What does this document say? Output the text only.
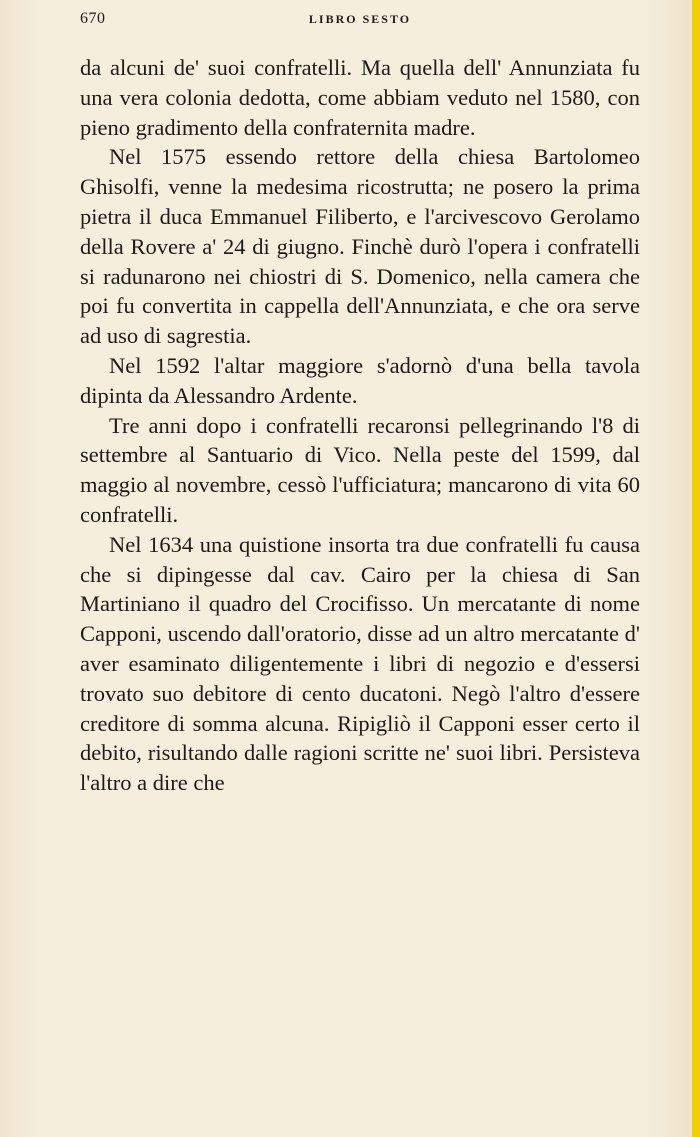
670	LIBRO SESTO

da alcuni de' suoi confratelli. Ma quella dell' Annunziata fu una vera colonia dedotta, come abbiam veduto nel 1580, con pieno gradimento della confraternita madre.

Nel 1575 essendo rettore della chiesa Bartolomeo Ghisolfi, venne la medesima ricostrutta; ne posero la prima pietra il duca Emmanuel Filiberto, e l'arcivescovo Gerolamo della Rovere a' 24 di giugno. Finchè durò l'opera i confratelli si radunarono nei chiostri di S. Domenico, nella camera che poi fu convertita in cappella dell'Annunziata, e che ora serve ad uso di sagrestia.

Nel 1592 l'altar maggiore s'adornò d'una bella tavola dipinta da Alessandro Ardente.

Tre anni dopo i confratelli recaronsi pellegrinando l'8 di settembre al Santuario di Vico. Nella peste del 1599, dal maggio al novembre, cessò l'ufficiatura; mancarono di vita 60 confratelli.

Nel 1634 una quistione insorta tra due confratelli fu causa che si dipingesse dal cav. Cairo per la chiesa di San Martiniano il quadro del Crocifisso. Un mercatante di nome Capponi, uscendo dall'oratorio, disse ad un altro mercatante d' aver esaminato diligentemente i libri di negozio e d'essersi trovato suo debitore di cento ducatoni. Negò l'altro d'essere creditore di somma alcuna. Ripigliò il Capponi esser certo il debito, risultando dalle ragioni scritte ne' suoi libri. Persisteva l'altro a dire che
